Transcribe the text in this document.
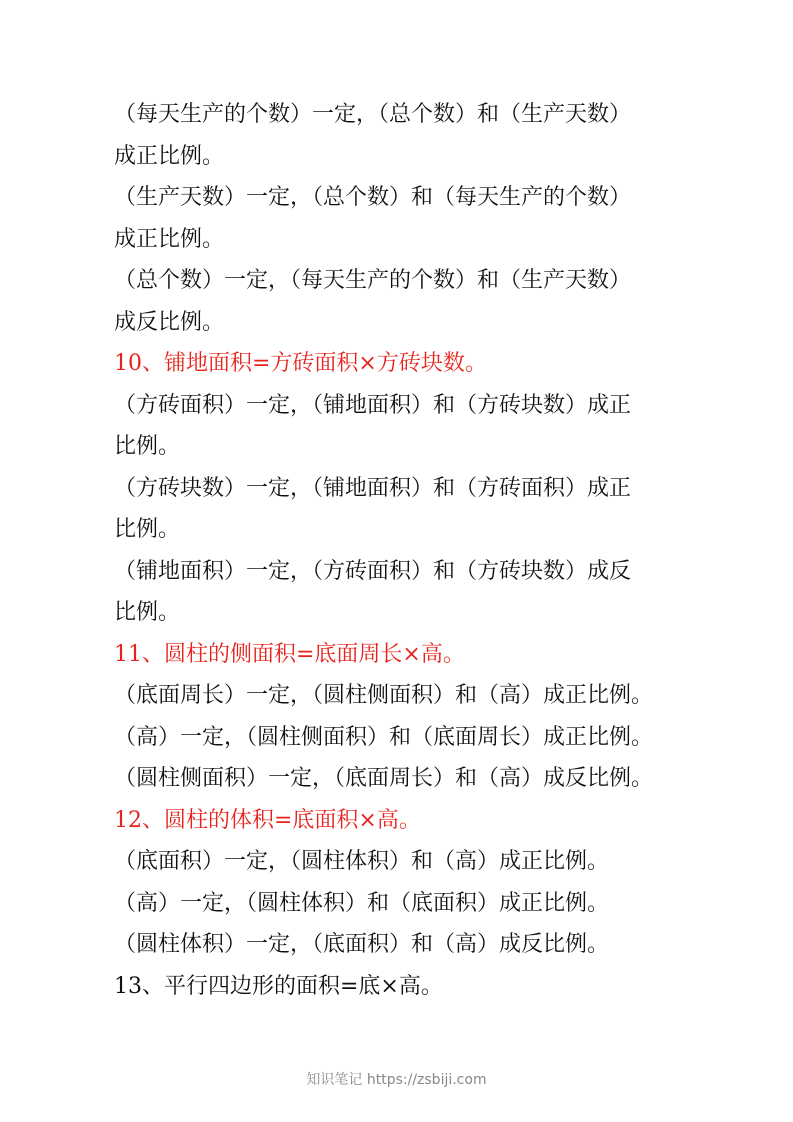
（每天生产的个数）一定，（总个数）和（生产天数）
成正比例。
（生产天数）一定，（总个数）和（每天生产的个数）
成正比例。
（总个数）一定，（每天生产的个数）和（生产天数）
成反比例。
10、铺地面积=方砖面积×方砖块数。
（方砖面积）一定，（铺地面积）和（方砖块数）成正
比例。
（方砖块数）一定，（铺地面积）和（方砖面积）成正
比例。
（铺地面积）一定，（方砖面积）和（方砖块数）成反
比例。
11、圆柱的侧面积=底面周长×高。
（底面周长）一定，（圆柱侧面积）和（高）成正比例。
（高）一定，（圆柱侧面积）和（底面周长）成正比例。
（圆柱侧面积）一定，（底面周长）和（高）成反比例。
12、圆柱的体积=底面积×高。
（底面积）一定，（圆柱体积）和（高）成正比例。
（高）一定，（圆柱体积）和（底面积）成正比例。
（圆柱体积）一定，（底面积）和（高）成反比例。
13、平行四边形的面积=底×高。
知识笔记 https://zsbiji.com
